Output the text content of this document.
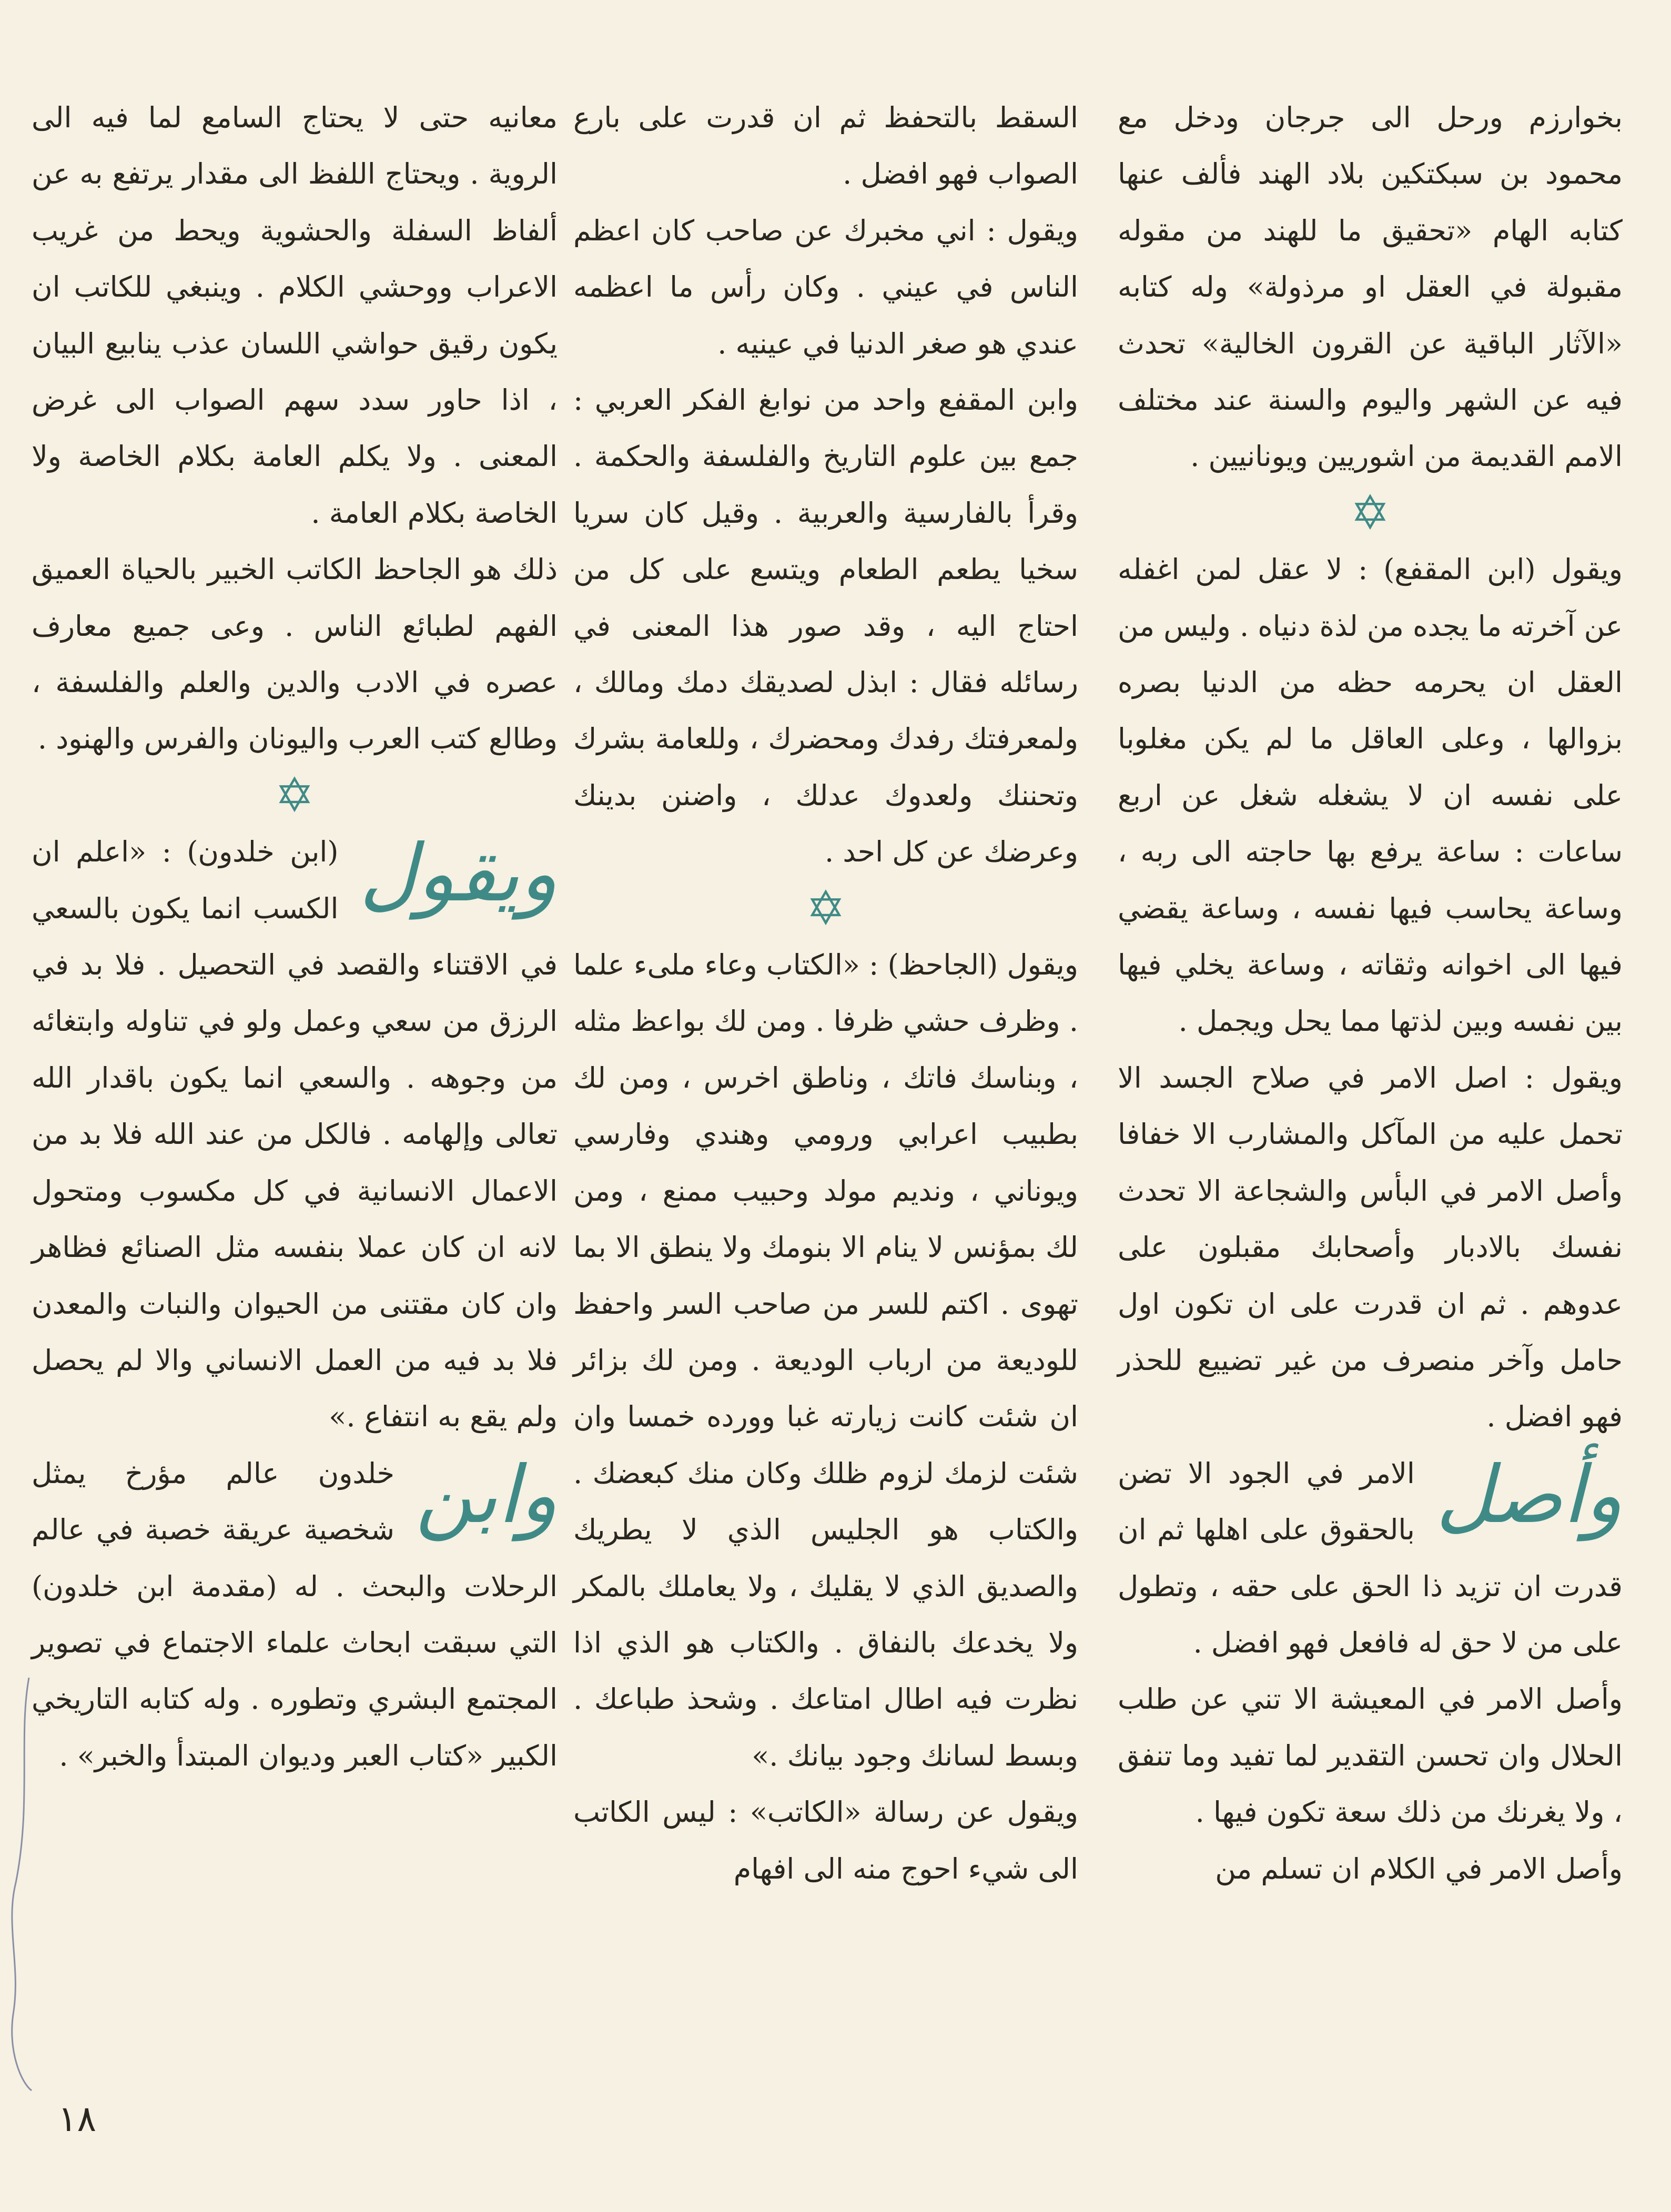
بخوارزم ورحل الى جرجان ودخل مع محمود بن سبكتكين بلاد الهند فألف عنها كتابه الهام «تحقيق ما للهند من مقوله مقبولة في العقل او مرذولة» وله كتابه «الآثار الباقية عن القرون الخالية» تحدث فيه عن الشهر واليوم والسنة عند مختلف الامم القديمة من اشوريين ويونانيين .

✡

ويقول (ابن المقفع) : لا عقل لمن اغفله عن آخرته ما يجده من لذة دنياه . وليس من العقل ان يحرمه حظه من الدنيا بصره بزوالها ، وعلى العاقل ما لم يكن مغلوبا على نفسه ان لا يشغله شغل عن اربع ساعات : ساعة يرفع بها حاجته الى ربه ، وساعة يحاسب فيها نفسه ، وساعة يقضي فيها الى اخوانه وثقاته ، وساعة يخلي فيها بين نفسه وبين لذتها مما يحل ويجمل .

ويقول : اصل الامر في صلاح الجسد الا تحمل عليه من المآكل والمشارب الا خفافا وأصل الامر في البأس والشجاعة الا تحدث نفسك بالادبار وأصحابك مقبلون على عدوهم . ثم ان قدرت على ان تكون اول حامل وآخر منصرف من غير تضييع للحذر فهو افضل .

وأصل

الامر في الجود الا تضن بالحقوق على اهلها ثم ان قدرت ان تزيد ذا الحق على حقه ، وتطول على من لا حق له فافعل فهو افضل .

وأصل الامر في المعيشة الا تني عن طلب الحلال وان تحسن التقدير لما تفيد وما تنفق ، ولا يغرنك من ذلك سعة تكون فيها .

وأصل الامر في الكلام ان تسلم من

السقط بالتحفظ ثم ان قدرت على بارع الصواب فهو افضل .

ويقول : اني مخبرك عن صاحب كان اعظم الناس في عيني . وكان رأس ما اعظمه عندي هو صغر الدنيا في عينيه .

وابن المقفع واحد من نوابغ الفكر العربي : جمع بين علوم التاريخ والفلسفة والحكمة . وقرأ بالفارسية والعربية . وقيل كان سريا سخيا يطعم الطعام ويتسع على كل من احتاج اليه ، وقد صور هذا المعنى في رسائله فقال : ابذل لصديقك دمك ومالك ، ولمعرفتك رفدك ومحضرك ، وللعامة بشرك وتحننك ولعدوك عدلك ، واضنن بدينك وعرضك عن كل احد .

✡

ويقول (الجاحظ) : «الكتاب وعاء ملىء علما . وظرف حشي ظرفا . ومن لك بواعظ مثله ، وبناسك فاتك ، وناطق اخرس ، ومن لك بطبيب اعرابي ورومي وهندي وفارسي ويوناني ، ونديم مولد وحبيب ممنع ، ومن لك بمؤنس لا ينام الا بنومك ولا ينطق الا بما تهوى . اكتم للسر من صاحب السر واحفظ للوديعة من ارباب الوديعة . ومن لك بزائر ان شئت كانت زيارته غبا وورده خمسا وان شئت لزمك لزوم ظلك وكان منك كبعضك . والكتاب هو الجليس الذي لا يطريك والصديق الذي لا يقليك ، ولا يعاملك بالمكر ولا يخدعك بالنفاق . والكتاب هو الذي اذا نظرت فيه اطال امتاعك . وشحذ طباعك . وبسط لسانك وجود بيانك .»

ويقول عن رسالة «الكاتب» : ليس الكاتب الى شيء احوج منه الى افهام

معانيه حتى لا يحتاج السامع لما فيه الى الروية . ويحتاج اللفظ الى مقدار يرتفع به عن ألفاظ السفلة والحشوية ويحط من غريب الاعراب ووحشي الكلام . وينبغي للكاتب ان يكون رقيق حواشي اللسان عذب ينابيع البيان ، اذا حاور سدد سهم الصواب الى غرض المعنى . ولا يكلم العامة بكلام الخاصة ولا الخاصة بكلام العامة .

ذلك هو الجاحظ الكاتب الخبير بالحياة العميق الفهم لطبائع الناس . وعى جميع معارف عصره في الادب والدين والعلم والفلسفة ، وطالع كتب العرب واليونان والفرس والهنود .

✡
ويقول

(ابن خلدون) : «اعلم ان الكسب انما يكون بالسعي في الاقتناء والقصد في التحصيل . فلا بد في الرزق من سعي وعمل ولو في تناوله وابتغائه من وجوهه . والسعي انما يكون باقدار الله تعالى وإلهامه . فالكل من عند الله فلا بد من الاعمال الانسانية في كل مكسوب ومتحول لانه ان كان عملا بنفسه مثل الصنائع فظاهر وان كان مقتنى من الحيوان والنبات والمعدن فلا بد فيه من العمل الانساني والا لم يحصل ولم يقع به انتفاع .»

وابن

خلدون عالم مؤرخ يمثل شخصية عريقة خصبة في عالم الرحلات والبحث . له (مقدمة ابن خلدون) التي سبقت ابحاث علماء الاجتماع في تصوير المجتمع البشري وتطوره . وله كتابه التاريخي الكبير «كتاب العبر وديوان المبتدأ والخبر» .

١٨
